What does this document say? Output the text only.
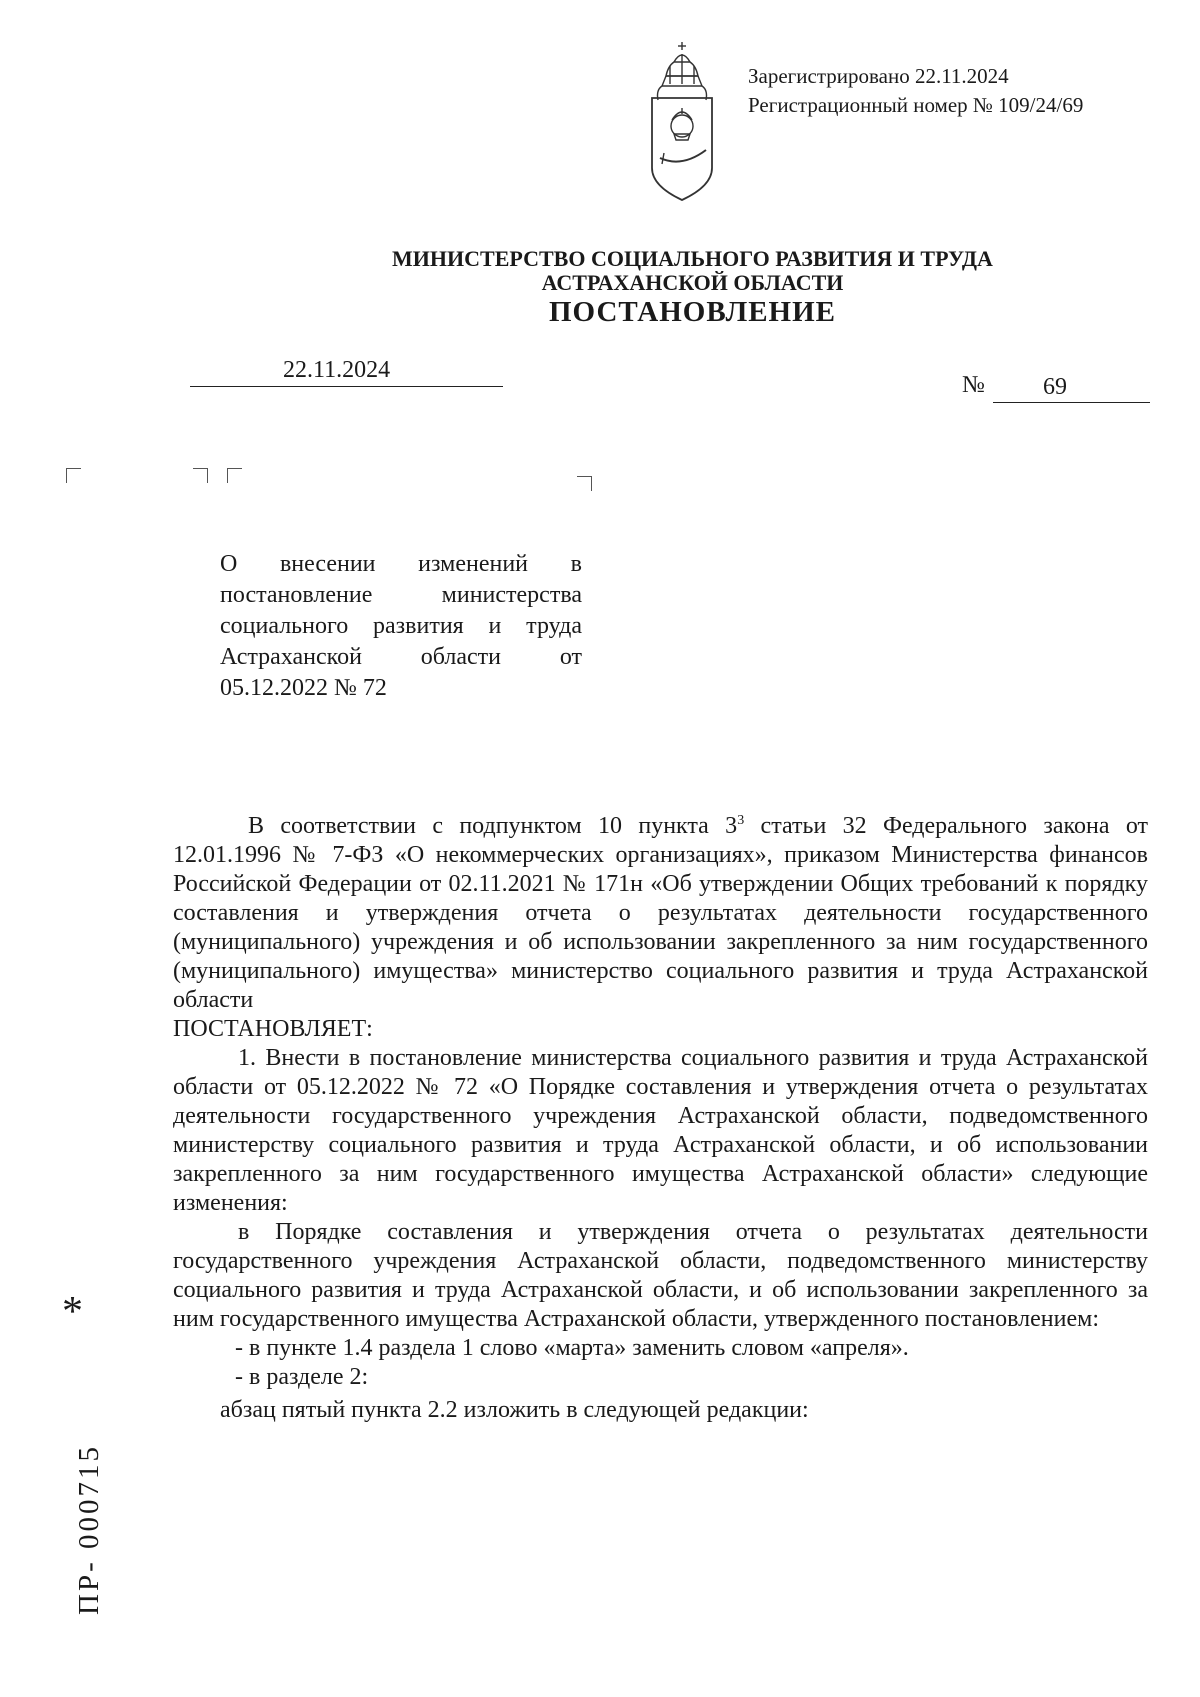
Зарегистрировано 22.11.2024
Регистрационный номер № 109/24/69
МИНИСТЕРСТВО СОЦИАЛЬНОГО РАЗВИТИЯ И ТРУДА
АСТРАХАНСКОЙ ОБЛАСТИ
ПОСТАНОВЛЕНИЕ
22.11.2024
№ 69
О внесении изменений в постановление министерства социального развития и труда Астраханской области от 05.12.2022 № 72

В соответствии с подпунктом 10 пункта $3^3$ статьи 32 Федерального закона от 12.01.1996 № 7-ФЗ «О некоммерческих организациях», приказом Министерства финансов Российской Федерации от 02.11.2021 № 171н «Об утверждении Общих требований к порядку составления и утверждения отчета о результатах деятельности государственного (муниципального) учреждения и об использовании закрепленного за ним государственного (муниципального) имущества» министерство социального развития и труда Астраханской области

ПОСТАНОВЛЯЕТ:

1. Внести в постановление министерства социального развития и труда Астраханской области от 05.12.2022 № 72 «О Порядке составления и утверждения отчета о результатах деятельности государственного учреждения Астраханской области, подведомственного министерству социального развития и труда Астраханской области, и об использовании закрепленного за ним государственного имущества Астраханской области» следующие изменения:

в Порядке составления и утверждения отчета о результатах деятельности государственного учреждения Астраханской области, подведомственного министерству социального развития и труда Астраханской области, и об использовании закрепленного за ним государственного имущества Астраханской области, утвержденного постановлением:

- в пункте 1.4 раздела 1 слово «марта» заменить словом «апреля».

- в разделе 2:

абзац пятый пункта 2.2 изложить в следующей редакции:

*
ПР- 000715
